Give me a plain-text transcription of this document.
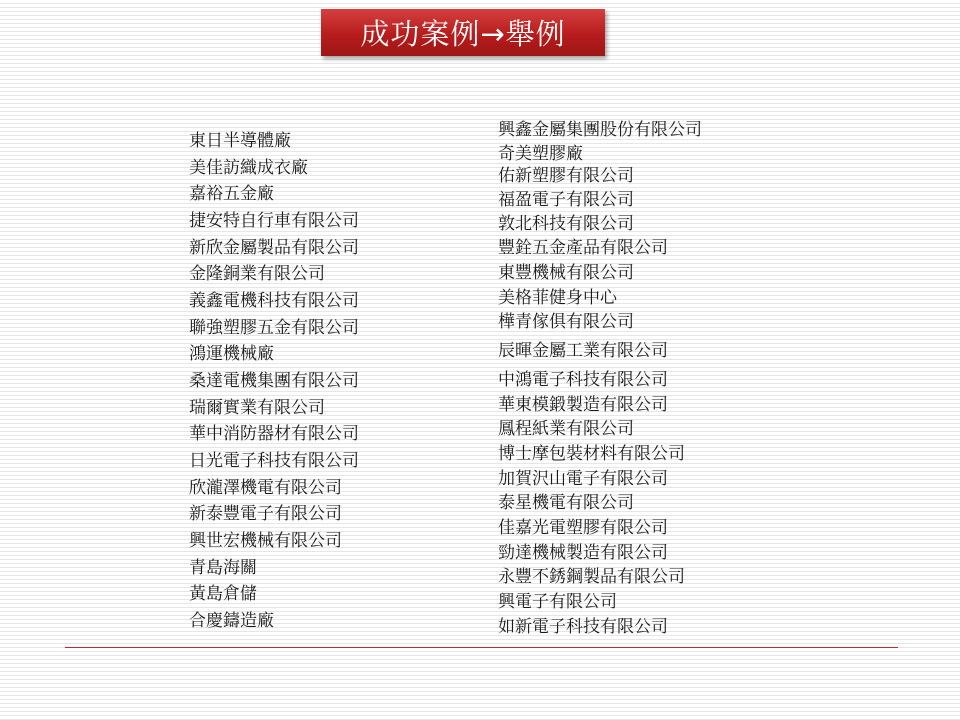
成功案例→舉例
東日半導體廠
美佳訪織成衣廠
嘉裕五金廠
捷安特自行車有限公司
新欣金屬製品有限公司
金隆銅業有限公司
義鑫電機科技有限公司
聯強塑膠五金有限公司
鴻運機械廠
桑達電機集團有限公司
瑞爾實業有限公司
華中消防器材有限公司
日光電子科技有限公司
欣瀧澤機電有限公司
新泰豐電子有限公司
興世宏機械有限公司
青島海關
黃島倉儲
合慶鑄造廠
興鑫金屬集團股份有限公司
奇美塑膠廠
佑新塑膠有限公司
福盈電子有限公司
敦北科技有限公司
豐銓五金產品有限公司
東豐機械有限公司
美格菲健身中心
樺青傢俱有限公司
辰暉金屬工業有限公司
中鴻電子科技有限公司
華東模鍛製造有限公司
鳳程紙業有限公司
博士摩包裝材料有限公司
加賀沢山電子有限公司
泰星機電有限公司
佳嘉光電塑膠有限公司
勁達機械製造有限公司
永豐不銹鋼製品有限公司
興電子有限公司
如新電子科技有限公司
